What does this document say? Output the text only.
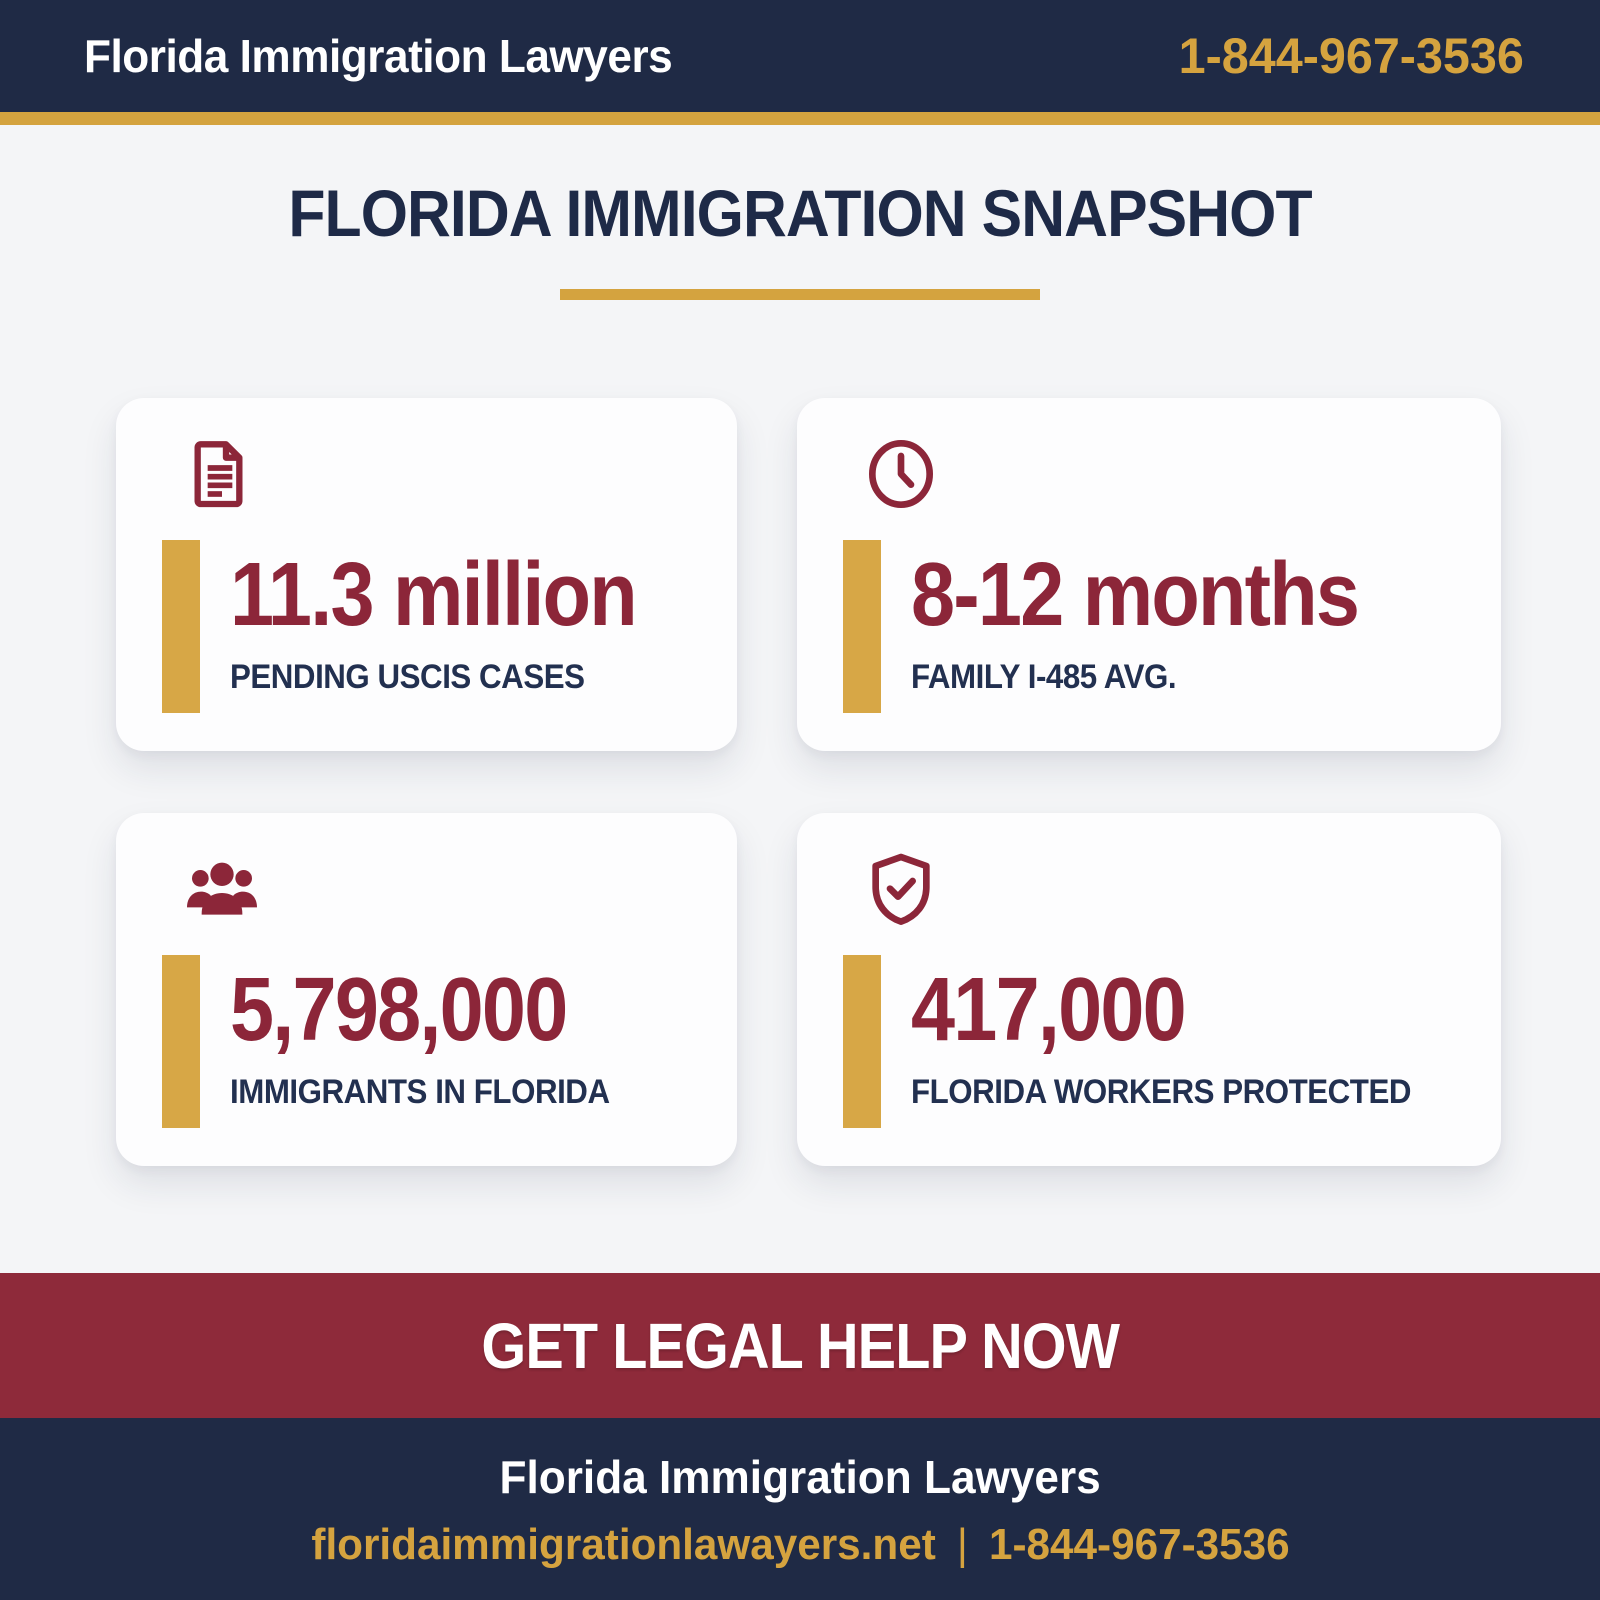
Florida Immigration Lawyers	1-844-967-3536
FLORIDA IMMIGRATION SNAPSHOT
11.3 million
PENDING USCIS CASES
8-12 months
FAMILY I-485 AVG.
5,798,000
IMMIGRANTS IN FLORIDA
417,000
FLORIDA WORKERS PROTECTED
GET LEGAL HELP NOW
Florida Immigration Lawyers
floridaimmigrationlawayers.net | 1-844-967-3536
